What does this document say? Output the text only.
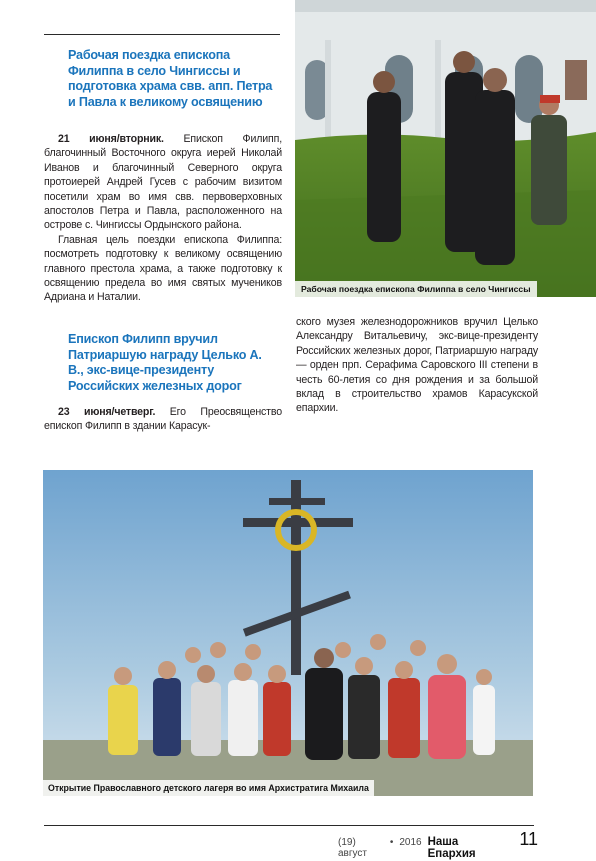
Рабочая поездка епископа Филиппа в село Чингиссы и подготовка храма свв. апп. Петра и Павла к великому освящению

21 июня/вторник. Епископ Филипп, благочинный Восточного округа иерей Николай Иванов и благочинный Северного округа протоиерей Андрей Гусев с рабочим визитом посетили храм во имя свв. первоверховных апостолов Петра и Павла, расположенного на острове с. Чингиссы Ордынского района.

Главная цель поездки епископа Филиппа: посмотреть подготовку к великому освящению главного престола храма, а также подготовку к освящению предела во имя святых мучеников Адриана и Наталии.

Рабочая поездка епископа Филиппа в село Чингиссы

Епископ Филипп вручил Патриаршую награду Целько А. В., экс-вице-президенту Российских железных дорог

23 июня/четверг. Его Преосвященство епископ Филипп в здании Карасук-

ского музея железнодорожников вручил Целько Александру Витальевичу, экс-вице-президенту Российских железных дорог, Патриаршую награду — орден прп. Серафима Саровского III степени в честь 60-летия со дня рождения и за большой вклад в строительство храмов Карасукской епархии.

Открытие Православного детского лагеря во имя Архистратига Михаила
(19) август
• 2016 Наша Епархия
11
